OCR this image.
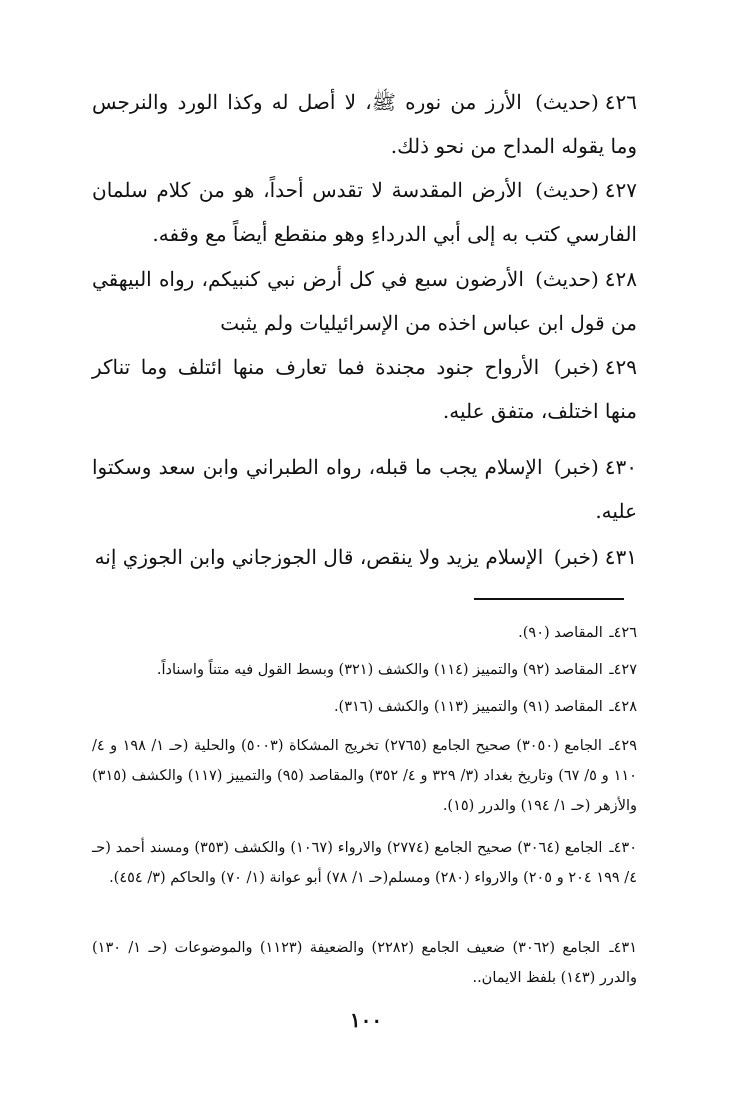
٤٢٦(حديث) الأرز من نوره ﷺ، لا أصل له وكذا الورد والنرجس وما يقوله المداح من نحو ذلك.
٤٢٧(حديث) الأرض المقدسة لا تقدس أحداً، هو من كلام سلمان الفارسي كتب به إلى أبي الدرداءِ وهو منقطع أيضاً مع وقفه.
٤٢٨(حديث) الأرضون سبع في كل أرض نبي كنبيكم، رواه البيهقي من قول ابن عباس اخذه من الإسرائيليات ولم يثبت
٤٢٩(خبر) الأرواح جنود مجندة فما تعارف منها ائتلف وما تناكر منها اختلف، متفق عليه.
٤٣٠(خبر) الإسلام يجب ما قبله، رواه الطبراني وابن سعد وسكتوا عليه.
٤٣١(خبر) الإسلام يزيد ولا ينقص، قال الجوزجاني وابن الجوزي إنه
٤٢٦ـ المقاصد (٩٠).
٤٢٧ـ المقاصد (٩٢) والتمييز (١١٤) والكشف (٣٢١) وبسط القول فيه متناً واسناداً.
٤٢٨ـ المقاصد (٩١) والتمييز (١١٣) والكشف (٣١٦).
٤٢٩ـ الجامع (٣٠٥٠) صحيح الجامع (٢٧٦٥) تخريج المشكاة (٥٠٠٣) والحلية (حـ ١/ ١٩٨ و ٤/ ١١٠ و ٥/ ٦٧) وتاريخ بغداد (٣/ ٣٢٩ و ٤/ ٣٥٢) والمقاصد (٩٥) والتمييز (١١٧) والكشف (٣١٥) والأزهر (حـ ١/ ١٩٤) والدرر (١٥).
٤٣٠ـ الجامع (٣٠٦٤) صحيح الجامع (٢٧٧٤) والارواء (١٠٦٧) والكشف (٣٥٣) ومسند أحمد (حـ ٤/ ١٩٩ ٢٠٤ و ٢٠٥) والارواء (٢٨٠) ومسلم(حـ ١/ ٧٨) أبو عوانة (١/ ٧٠) والحاكم (٣/ ٤٥٤).
٤٣١ـ الجامع (٣٠٦٢) ضعيف الجامع (٢٢٨٢) والضعيفة (١١٢٣) والموضوعات (حـ ١/ ١٣٠) والدرر (١٤٣) بلفظ الايمان..
١٠٠
